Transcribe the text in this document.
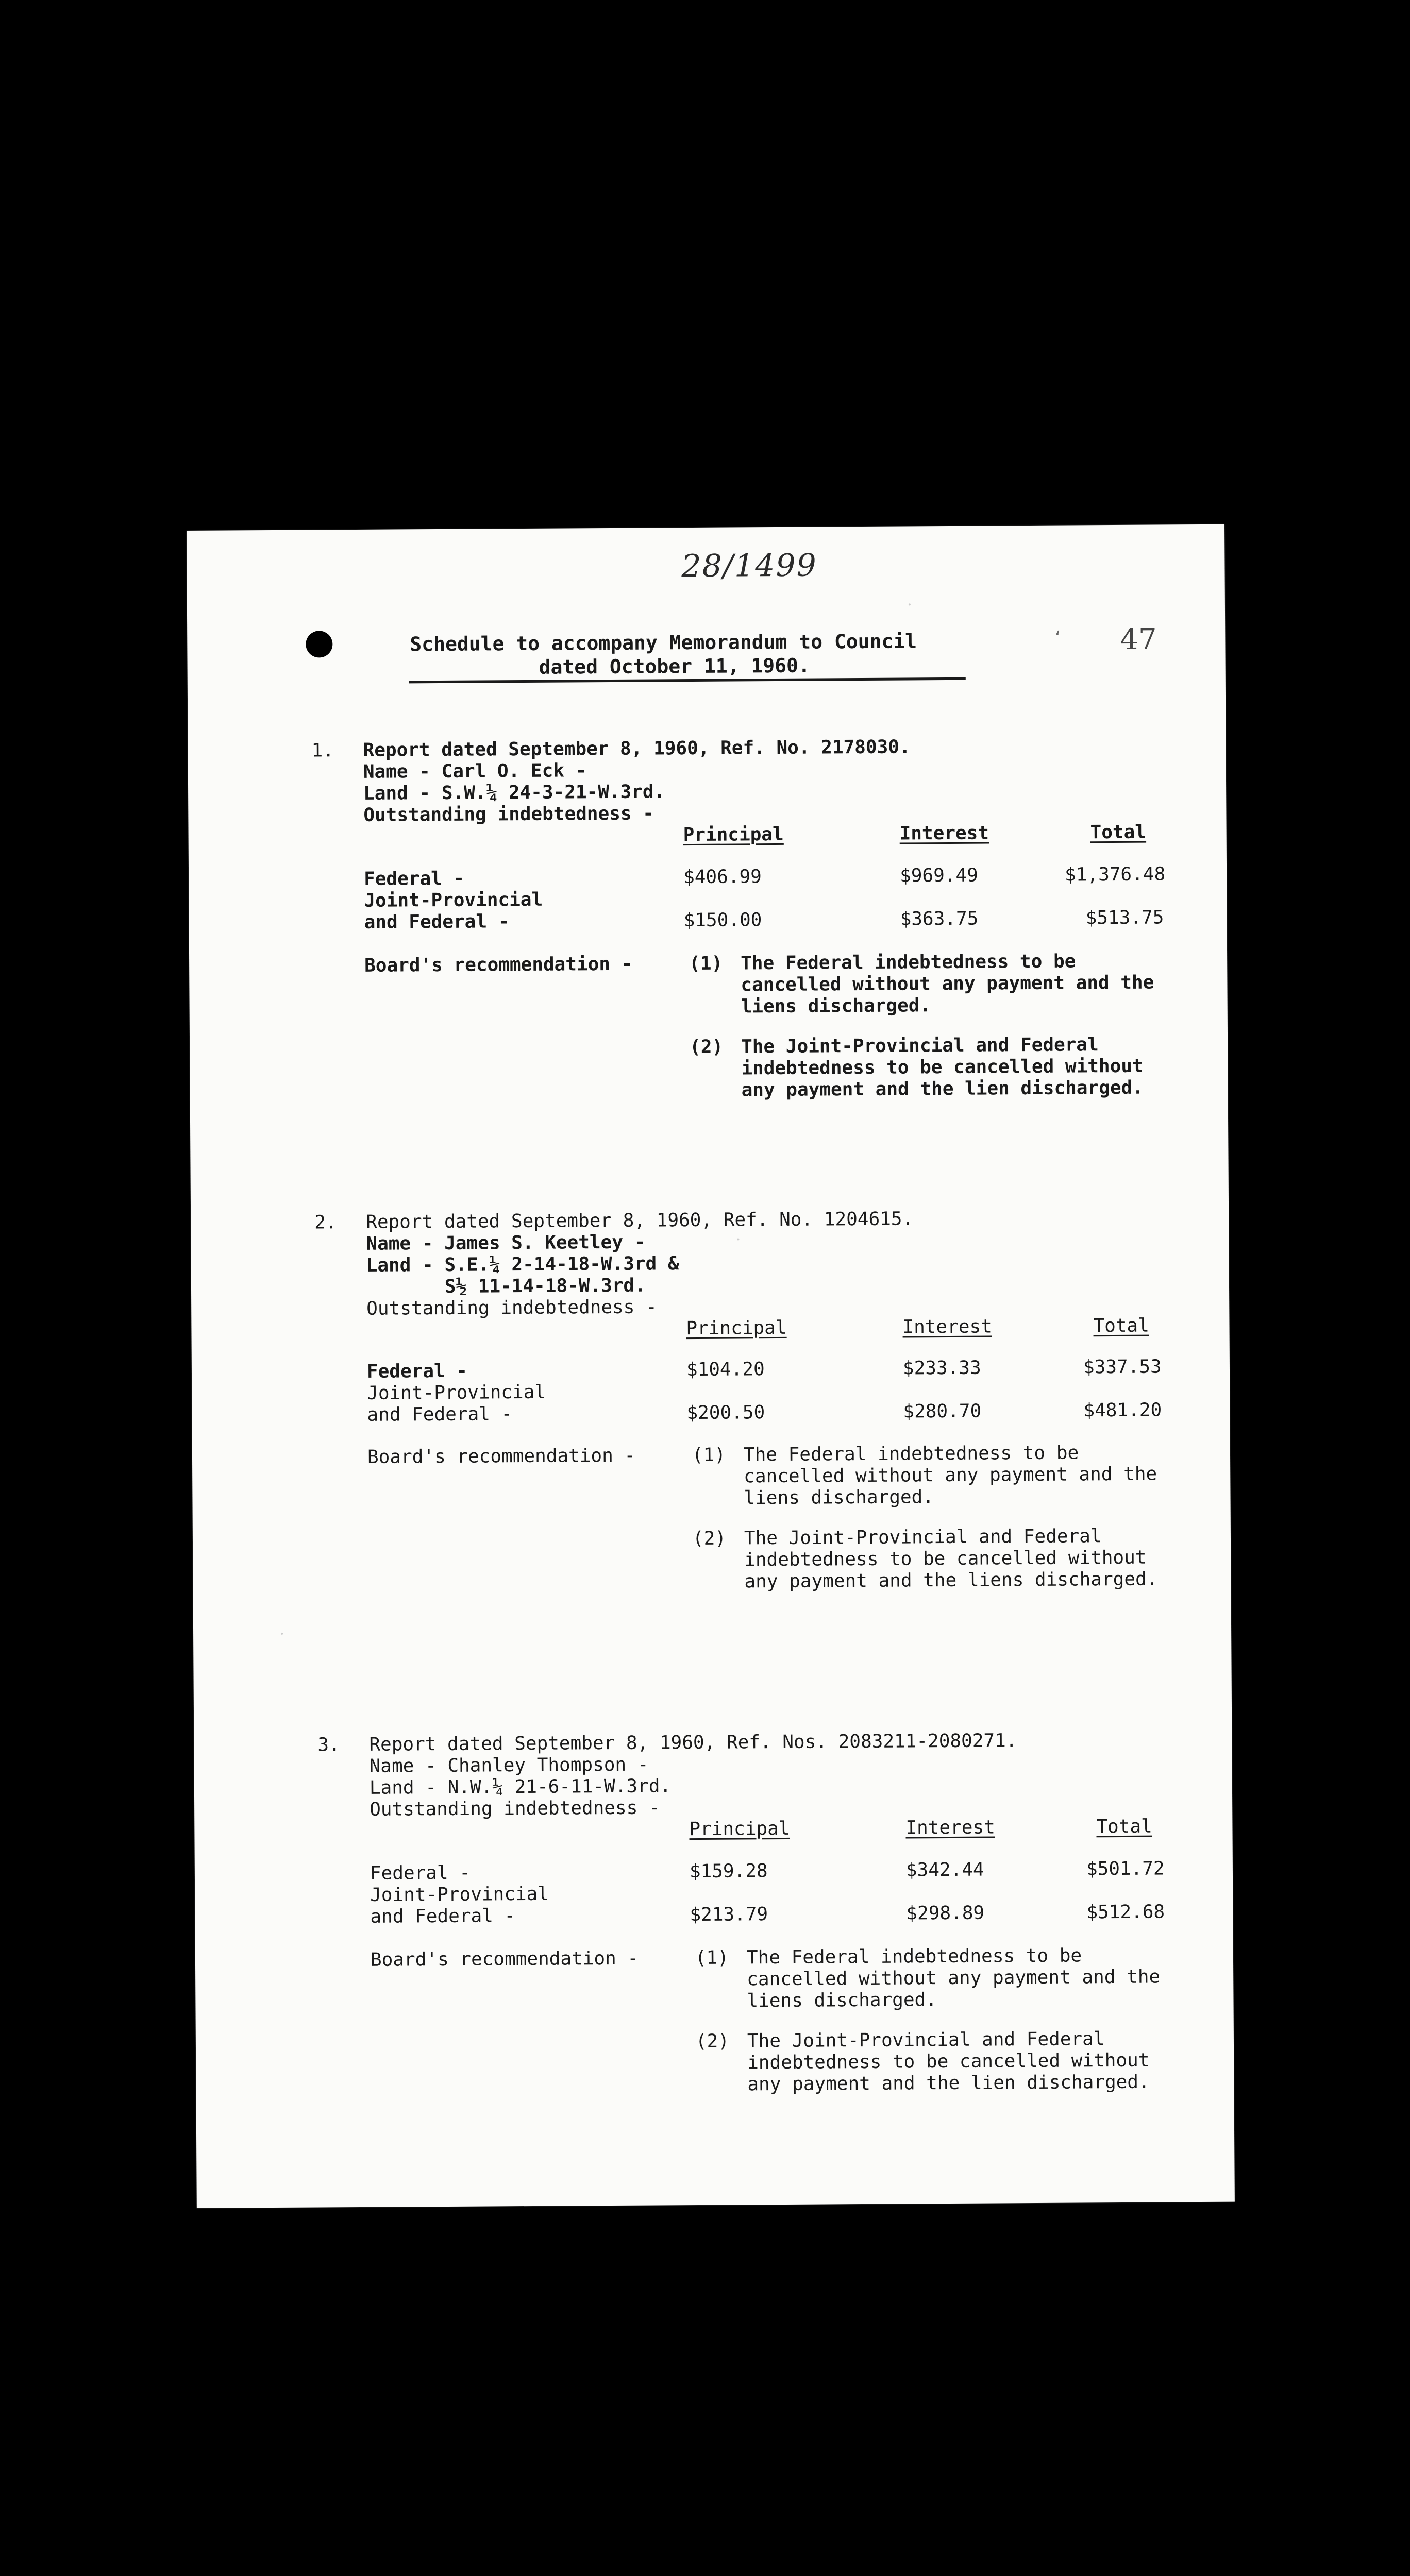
28/1499
‘ 47
Schedule to accompany Memorandum to Council
dated October 11, 1960.
1. Report dated September 8, 1960, Ref. No. 2178030.
Name - Carl O. Eck -
Land - S.W.¼ 24-3-21-W.3rd.
Outstanding indebtedness -
Principal	Interest	Total
Federal -	$406.99	$969.49	$1,376.48
Joint-Provincial
and Federal -	$150.00	$363.75	$513.75
Board's recommendation -	(1) The Federal indebtedness to be
cancelled without any payment and the
liens discharged.
(2) The Joint-Provincial and Federal
indebtedness to be cancelled without
any payment and the lien discharged.
2. Report dated September 8, 1960, Ref. No. 1204615.
Name - James S. Keetley -
Land - S.E.¼ 2-14-18-W.3rd &
S½ 11-14-18-W.3rd.
Outstanding indebtedness -
Principal	Interest	Total
Federal -	$104.20	$233.33	$337.53
Joint-Provincial
and Federal -	$200.50	$280.70	$481.20
Board's recommendation -	(1) The Federal indebtedness to be
cancelled without any payment and the
liens discharged.
(2) The Joint-Provincial and Federal
indebtedness to be cancelled without
any payment and the liens discharged.
3. Report dated September 8, 1960, Ref. Nos. 2083211-2080271.
Name - Chanley Thompson -
Land - N.W.¼ 21-6-11-W.3rd.
Outstanding indebtedness -
Principal	Interest	Total
Federal -	$159.28	$342.44	$501.72
Joint-Provincial
and Federal -	$213.79	$298.89	$512.68
Board's recommendation -	(1) The Federal indebtedness to be
cancelled without any payment and the
liens discharged.
(2) The Joint-Provincial and Federal
indebtedness to be cancelled without
any payment and the lien discharged.
